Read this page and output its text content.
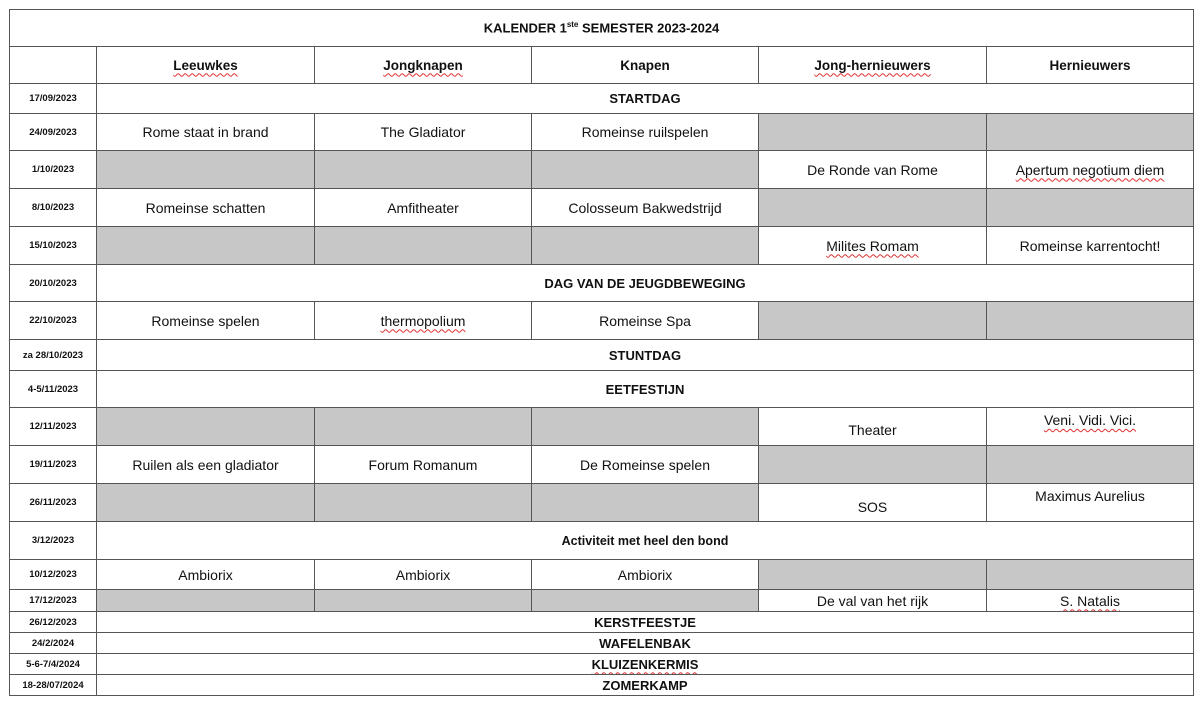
KALENDER 1ste SEMESTER 2023-2024					
	Leeuwkes	Jongknapen	Knapen	Jong-hernieuwers	Hernieuwers
17/09/2023	STARTDAG				
24/09/2023	Rome staat in brand	The Gladiator	Romeinse ruilspelen		
1/10/2023				De Ronde van Rome	Apertum negotium diem
8/10/2023	Romeinse schatten	Amfitheater	Colosseum Bakwedstrijd		
15/10/2023				Milites Romam	Romeinse karrentocht!
20/10/2023	DAG VAN DE JEUGDBEWEGING				
22/10/2023	Romeinse spelen	thermopolium	Romeinse Spa		
za 28/10/2023	STUNTDAG				
4-5/11/2023	EETFESTIJN				
12/11/2023				Theater	Veni. Vidi. Vici.
19/11/2023	Ruilen als een gladiator	Forum Romanum	De Romeinse spelen		
26/11/2023				SOS	Maximus Aurelius
3/12/2023	Activiteit met heel den bond				
10/12/2023	Ambiorix	Ambiorix	Ambiorix		
17/12/2023				De val van het rijk	S. Natalis
26/12/2023	KERSTFEESTJE				
24/2/2024	WAFELENBAK				
5-6-7/4/2024	KLUIZENKERMIS				
18-28/07/2024	ZOMERKAMP				
